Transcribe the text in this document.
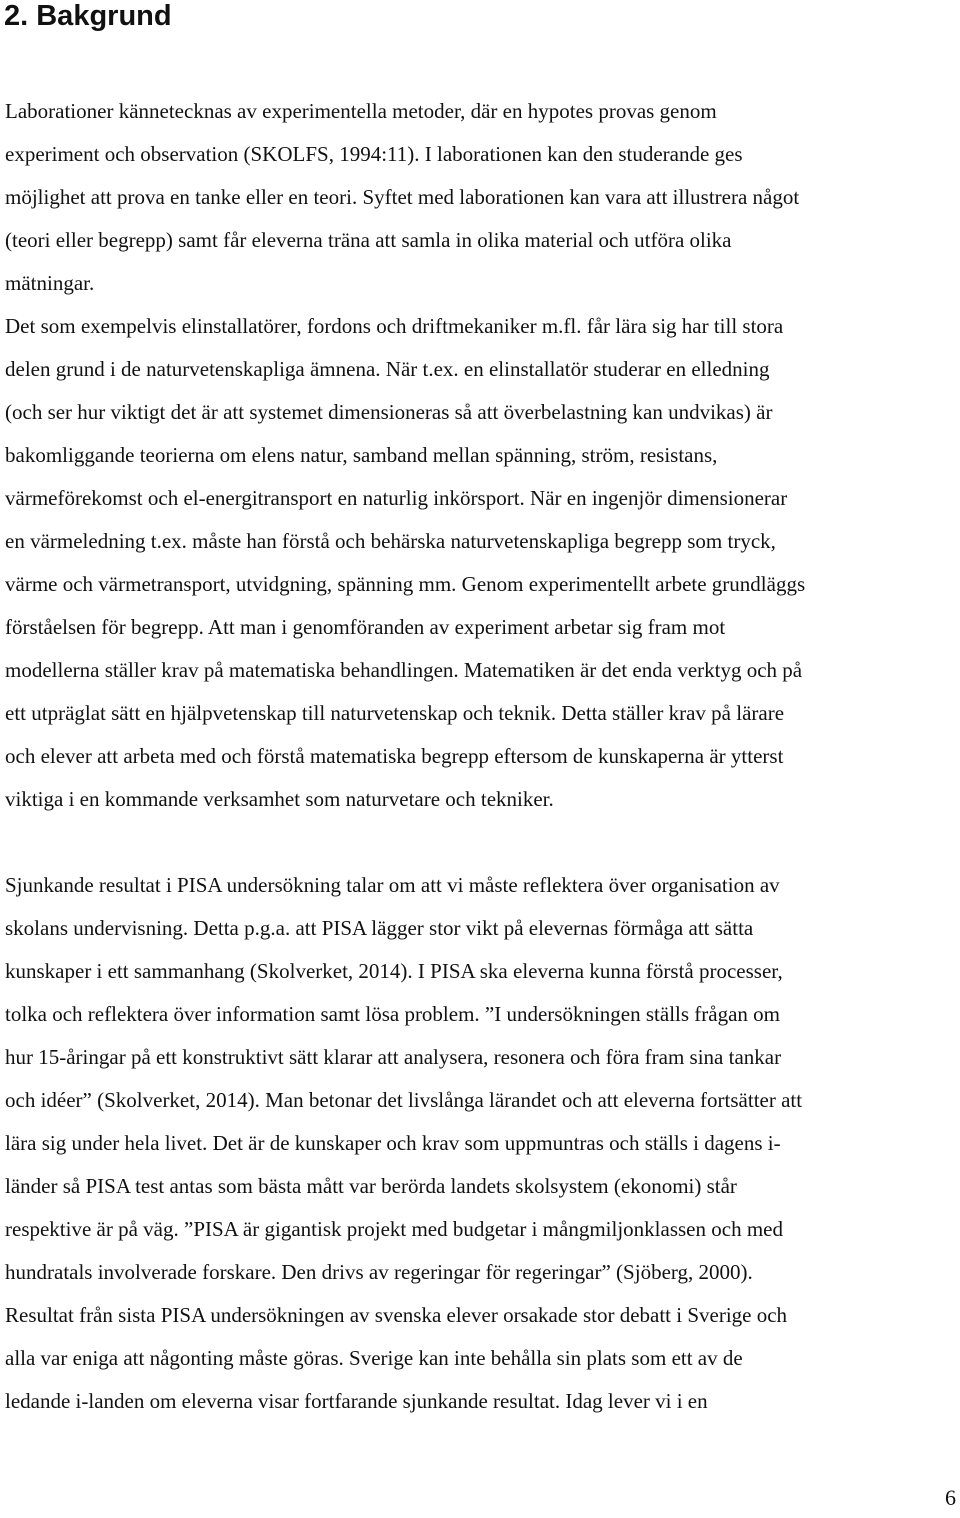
2. Bakgrund
Laborationer kännetecknas av experimentella metoder, där en hypotes provas genom
experiment och observation (SKOLFS, 1994:11). I laborationen kan den studerande ges
möjlighet att prova en tanke eller en teori. Syftet med laborationen kan vara att illustrera något
(teori eller begrepp) samt får eleverna träna att samla in olika material och utföra olika
mätningar.
Det som exempelvis elinstallatörer, fordons och driftmekaniker m.fl. får lära sig har till stora
delen grund i de naturvetenskapliga ämnena. När t.ex. en elinstallatör studerar en elledning
(och ser hur viktigt det är att systemet dimensioneras så att överbelastning kan undvikas) är
bakomliggande teorierna om elens natur, samband mellan spänning, ström, resistans,
värmeförekomst och el-energitransport en naturlig inkörsport. När en ingenjör dimensionerar
en värmeledning t.ex. måste han förstå och behärska naturvetenskapliga begrepp som tryck,
värme och värmetransport, utvidgning, spänning mm. Genom experimentellt arbete grundläggs
förståelsen för begrepp. Att man i genomföranden av experiment arbetar sig fram mot
modellerna ställer krav på matematiska behandlingen. Matematiken är det enda verktyg och på
ett utpräglat sätt en hjälpvetenskap till naturvetenskap och teknik. Detta ställer krav på lärare
och elever att arbeta med och förstå matematiska begrepp eftersom de kunskaperna är ytterst
viktiga i en kommande verksamhet som naturvetare och tekniker.
Sjunkande resultat i PISA undersökning talar om att vi måste reflektera över organisation av
skolans undervisning. Detta p.g.a. att PISA lägger stor vikt på elevernas förmåga att sätta
kunskaper i ett sammanhang (Skolverket, 2014). I PISA ska eleverna kunna förstå processer,
tolka och reflektera över information samt lösa problem. ”I undersökningen ställs frågan om
hur 15-åringar på ett konstruktivt sätt klarar att analysera, resonera och föra fram sina tankar
och idéer” (Skolverket, 2014). Man betonar det livslånga lärandet och att eleverna fortsätter att
lära sig under hela livet. Det är de kunskaper och krav som uppmuntras och ställs i dagens i-
länder så PISA test antas som bästa mått var berörda landets skolsystem (ekonomi) står
respektive är på väg. ”PISA är gigantisk projekt med budgetar i mångmiljonklassen och med
hundratals involverade forskare. Den drivs av regeringar för regeringar” (Sjöberg, 2000).
Resultat från sista PISA undersökningen av svenska elever orsakade stor debatt i Sverige och
alla var eniga att någonting måste göras. Sverige kan inte behålla sin plats som ett av de
ledande i-landen om eleverna visar fortfarande sjunkande resultat. Idag lever vi i en
6
